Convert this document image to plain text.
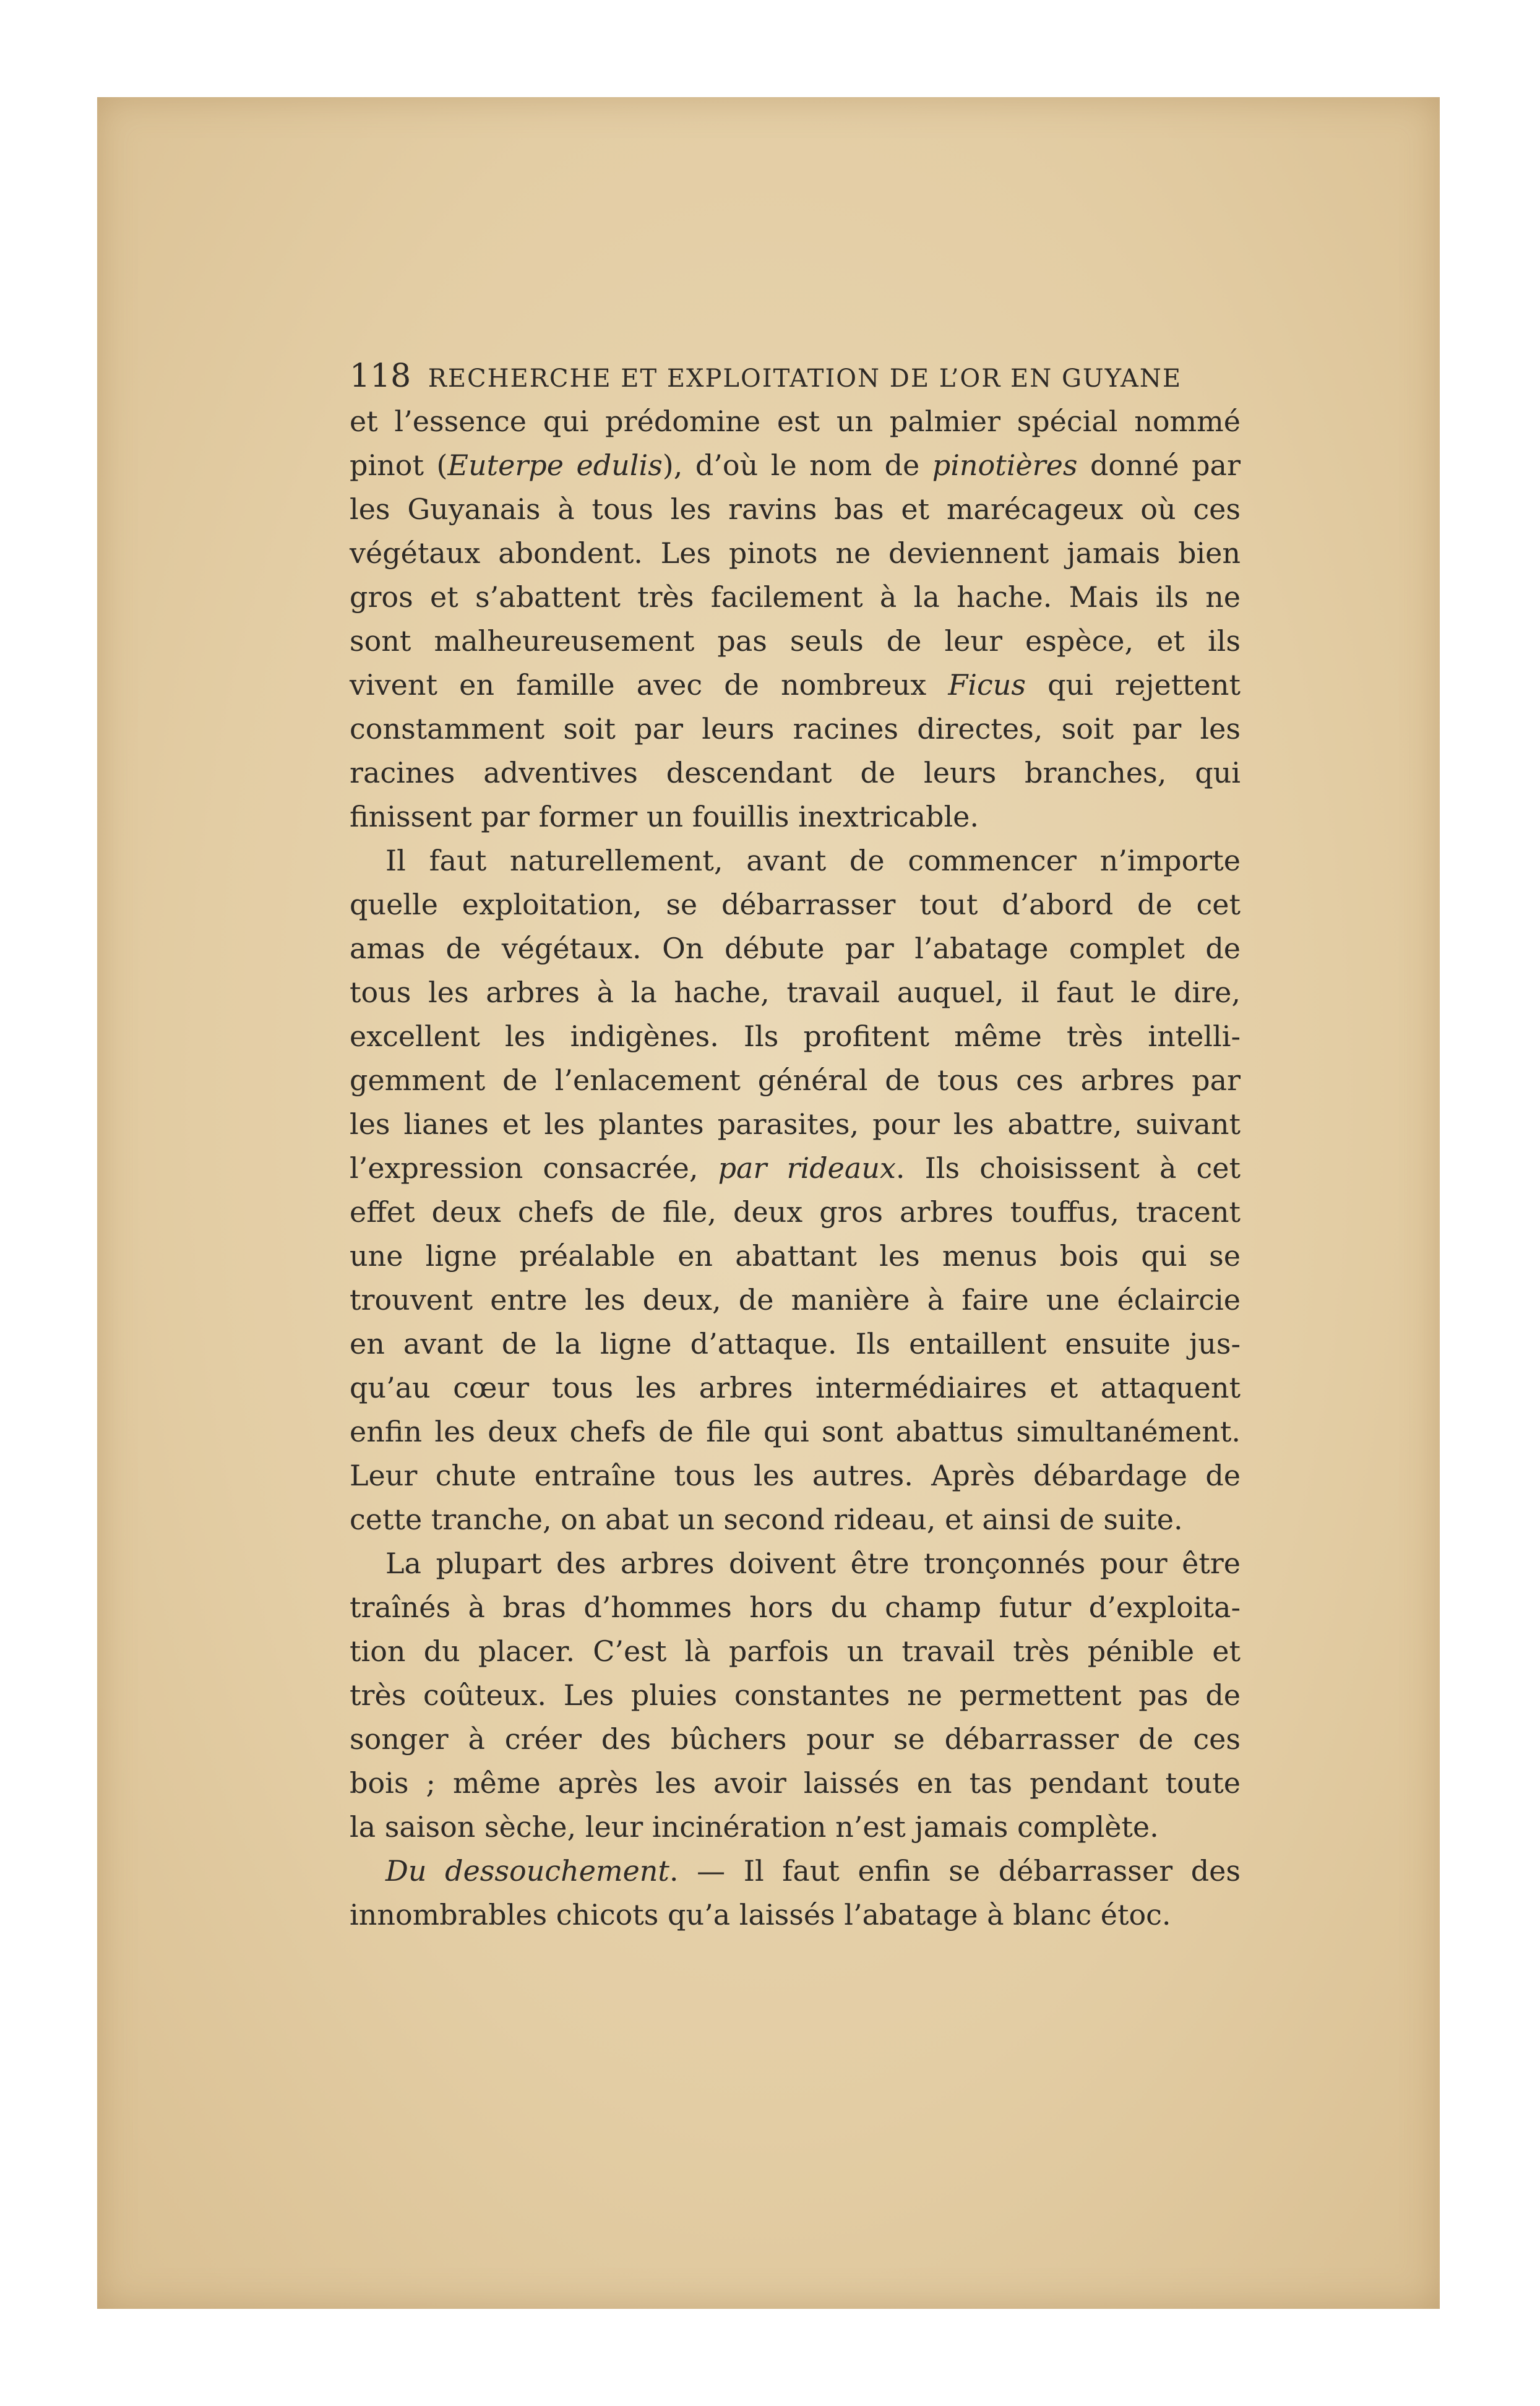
118 RECHERCHE ET EXPLOITATION DE L’OR EN GUYANE
et l’essence qui prédomine est un palmier spécial nommé
pinot (Euterpe edulis), d’où le nom de pinotières donné par
les Guyanais à tous les ravins bas et marécageux où ces
végétaux abondent. Les pinots ne deviennent jamais bien
gros et s’abattent très facilement à la hache. Mais ils ne
sont malheureusement pas seuls de leur espèce, et ils
vivent en famille avec de nombreux Ficus qui rejettent
constamment soit par leurs racines directes, soit par les
racines adventives descendant de leurs branches, qui
finissent par former un fouillis inextricable.
Il faut naturellement, avant de commencer n’importe
quelle exploitation, se débarrasser tout d’abord de cet
amas de végétaux. On débute par l’abatage complet de
tous les arbres à la hache, travail auquel, il faut le dire,
excellent les indigènes. Ils profitent même très intelli-
gemment de l’enlacement général de tous ces arbres par
les lianes et les plantes parasites, pour les abattre, suivant
l’expression consacrée, par rideaux. Ils choisissent à cet
effet deux chefs de file, deux gros arbres touffus, tracent
une ligne préalable en abattant les menus bois qui se
trouvent entre les deux, de manière à faire une éclaircie
en avant de la ligne d’attaque. Ils entaillent ensuite jus-
qu’au cœur tous les arbres intermédiaires et attaquent
enfin les deux chefs de file qui sont abattus simultanément.
Leur chute entraîne tous les autres. Après débardage de
cette tranche, on abat un second rideau, et ainsi de suite.
La plupart des arbres doivent être tronçonnés pour être
traînés à bras d’hommes hors du champ futur d’exploita-
tion du placer. C’est là parfois un travail très pénible et
très coûteux. Les pluies constantes ne permettent pas de
songer à créer des bûchers pour se débarrasser de ces
bois ; même après les avoir laissés en tas pendant toute
la saison sèche, leur incinération n’est jamais complète.
Du dessouchement. — Il faut enfin se débarrasser des
innombrables chicots qu’a laissés l’abatage à blanc étoc.
